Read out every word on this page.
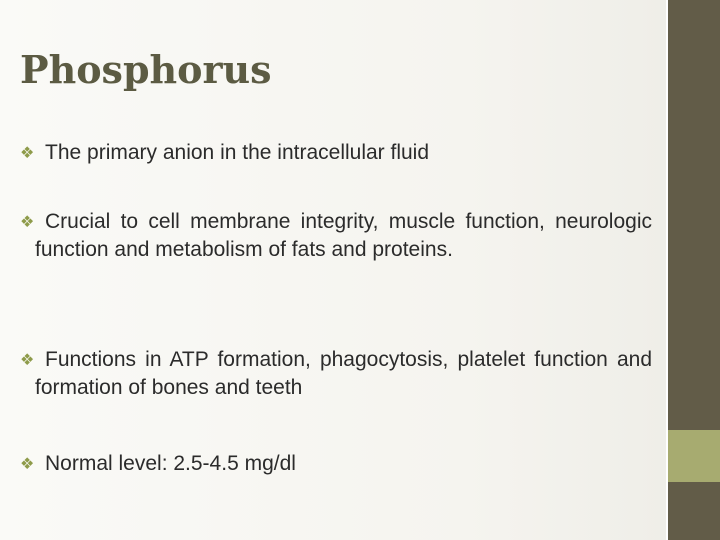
Phosphorus
❖ The primary anion in the intracellular fluid
❖ Crucial to cell membrane integrity, muscle function, neurologic function and metabolism of fats and proteins.
❖ Functions in ATP formation, phagocytosis, platelet function and formation of bones and teeth
❖ Normal level: 2.5-4.5 mg/dl
